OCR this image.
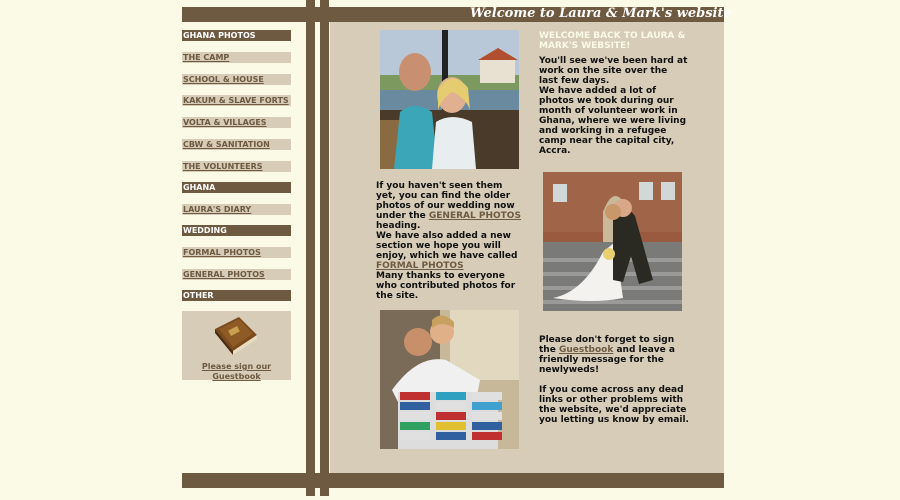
Welcome to Laura & Mark's website
GHANA PHOTOS
THE CAMP
SCHOOL & HOUSE
KAKUM & SLAVE FORTS
VOLTA & VILLAGES
CBW & SANITATION
THE VOLUNTEERS
GHANA
LAURA'S DIARY
WEDDING
FORMAL PHOTOS
GENERAL PHOTOS
OTHER
Please sign our Guestbook
WELCOME BACK TO LAURA & MARK'S WEBSITE!
You'll see we've been hard at work on the site over the last few days.
We have added a lot of photos we took during our month of volunteer work in Ghana, where we were living and working in a refugee camp near the capital city, Accra.
If you haven't seen them yet, you can find the older photos of our wedding now under the GENERAL PHOTOS heading.
We have also added a new section we hope you will enjoy, which we have called FORMAL PHOTOS
Many thanks to everyone who contributed photos for the site.
Please don't forget to sign the Guestbook and leave a friendly message for the newlyweds!
If you come across any dead links or other problems with the website, we'd appreciate you letting us know by email.
